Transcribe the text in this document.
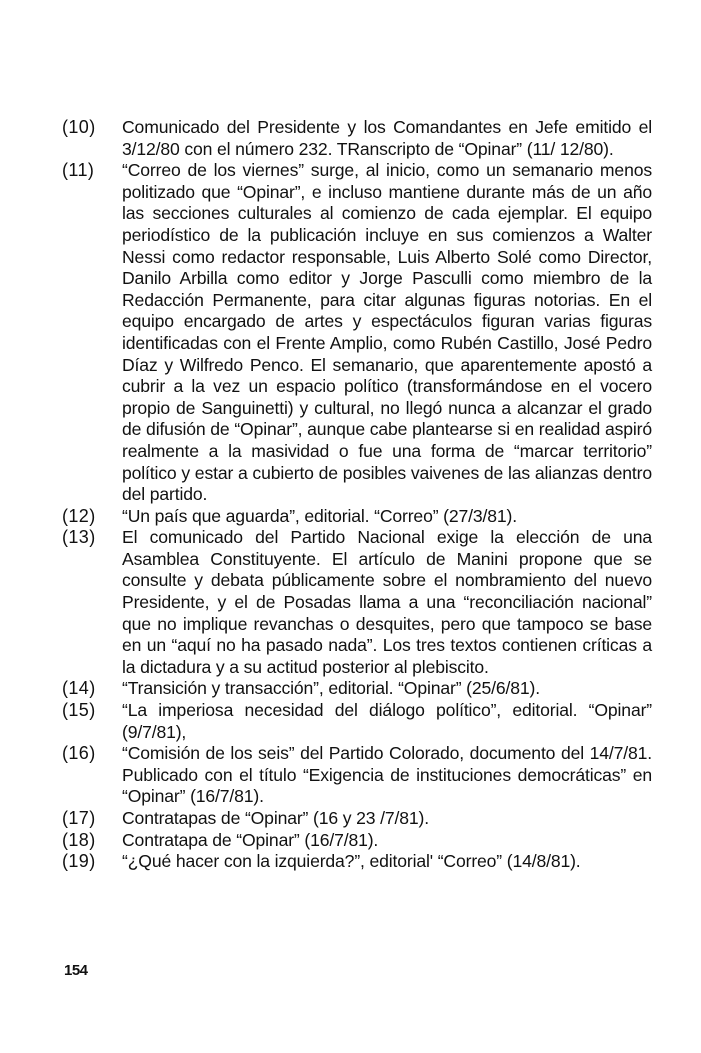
(10)	Comunicado del Presidente y los Comandantes en Jefe emitido el 3/12/80 con el número 232. TRanscripto de “Opinar” (11/ 12/80).
(11)	“Correo de los viernes” surge, al inicio, como un semanario menos politizado que “Opinar”, e incluso mantiene durante más de un año las secciones culturales al comienzo de cada ejemplar. El equipo periodístico de la publicación incluye en sus comienzos a Walter Nessi como redactor responsable, Luis Alberto Solé como Director, Danilo Arbilla como editor y Jorge Pasculli como miembro de la Redacción Permanente, para citar algunas figuras notorias. En el equipo encargado de artes y espectáculos figuran varias figuras identificadas con el Frente Amplio, como Rubén Castillo, José Pedro Díaz y Wilfredo Penco. El semanario, que aparentemente apostó a cubrir a la vez un espacio político (transformándose en el vocero propio de Sanguinetti) y cultural, no llegó nunca a alcanzar el grado de difusión de “Opinar”, aunque cabe plantearse si en realidad aspiró realmente a la masividad o fue una forma de “marcar territorio” político y estar a cubierto de posibles vaivenes de las alianzas dentro del partido.
(12)	“Un país que aguarda”, editorial. “Correo” (27/3/81).
(13)	El comunicado del Partido Nacional exige la elección de una Asamblea Constituyente. El artículo de Manini propone que se consulte y debata públicamente sobre el nombramiento del nuevo Presidente, y el de Posadas llama a una “reconciliación nacional” que no implique revanchas o desquites, pero que tampoco se base en un “aquí no ha pasado nada”. Los tres textos contienen críticas a la dictadura y a su actitud posterior al plebiscito.
(14)	“Transición y transacción”, editorial. “Opinar” (25/6/81).
(15)	“La imperiosa necesidad del diálogo político”, editorial. “Opinar” (9/7/81),
(16)	“Comisión de los seis” del Partido Colorado, documento del 14/7/81. Publicado con el título “Exigencia de instituciones democráticas” en “Opinar” (16/7/81).
(17)	Contratapas de “Opinar” (16 y 23 /7/81).
(18)	Contratapa de “Opinar” (16/7/81).
(19)	“¿Qué hacer con la izquierda?”, editorial' “Correo” (14/8/81).
154
